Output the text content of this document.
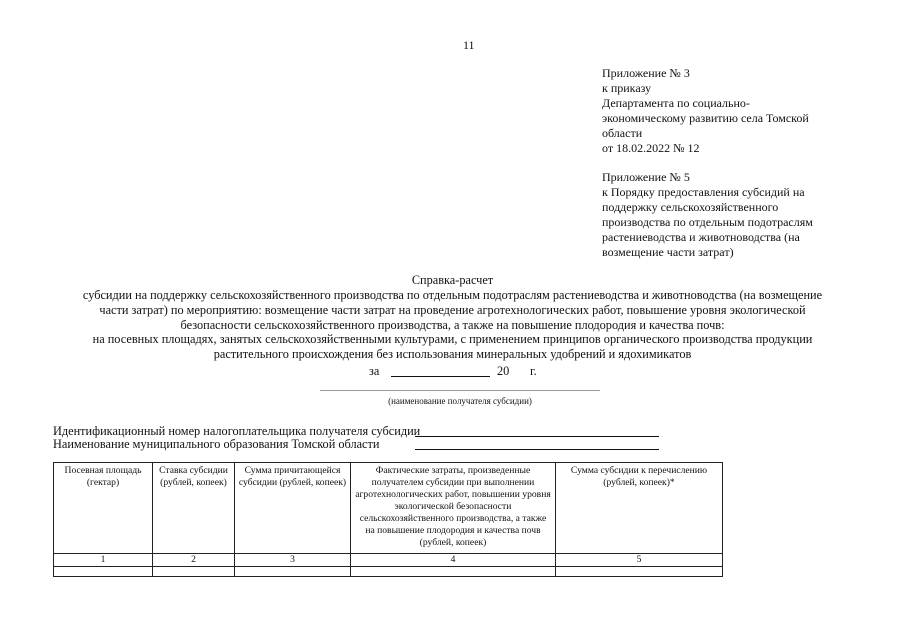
11
Приложение № 3
к приказу
Департамента по социально-
экономическому развитию села Томской
области
от 18.02.2022 № 12
Приложение № 5
к Порядку предоставления субсидий на
поддержку сельскохозяйственного
производства по отдельным подотраслям
растениеводства и животноводства (на
возмещение части затрат)
Справка-расчет
субсидии на поддержку сельскохозяйственного производства по отдельным подотраслям растениеводства и животноводства (на возмещение
части затрат) по мероприятию: возмещение части затрат на проведение агротехнологических работ, повышение уровня экологической
безопасности сельскохозяйственного производства, а также на повышение плодородия и качества почв:
на посевных площадях, занятых сельскохозяйственными культурами, с применением принципов органического производства продукции
растительного происхождения без использования минеральных удобрений и ядохимикатов
за	20 г.
(наименование получателя субсидии)
Идентификационный номер налогоплательщика получателя субсидии
Наименование муниципального образования Томской области
Посевная площадь (гектар)	Ставка субсидии (рублей, копеек)	Сумма причитающейся субсидии (рублей, копеек)	Фактические затраты, произведенные получателем субсидии при выполнении агротехнологических работ, повышении уровня экологической безопасности сельскохозяйственного производства, а также на повышение плодородия и качества почв (рублей, копеек)	Сумма субсидии к перечислению (рублей, копеек)*
1	2	3	4	5
